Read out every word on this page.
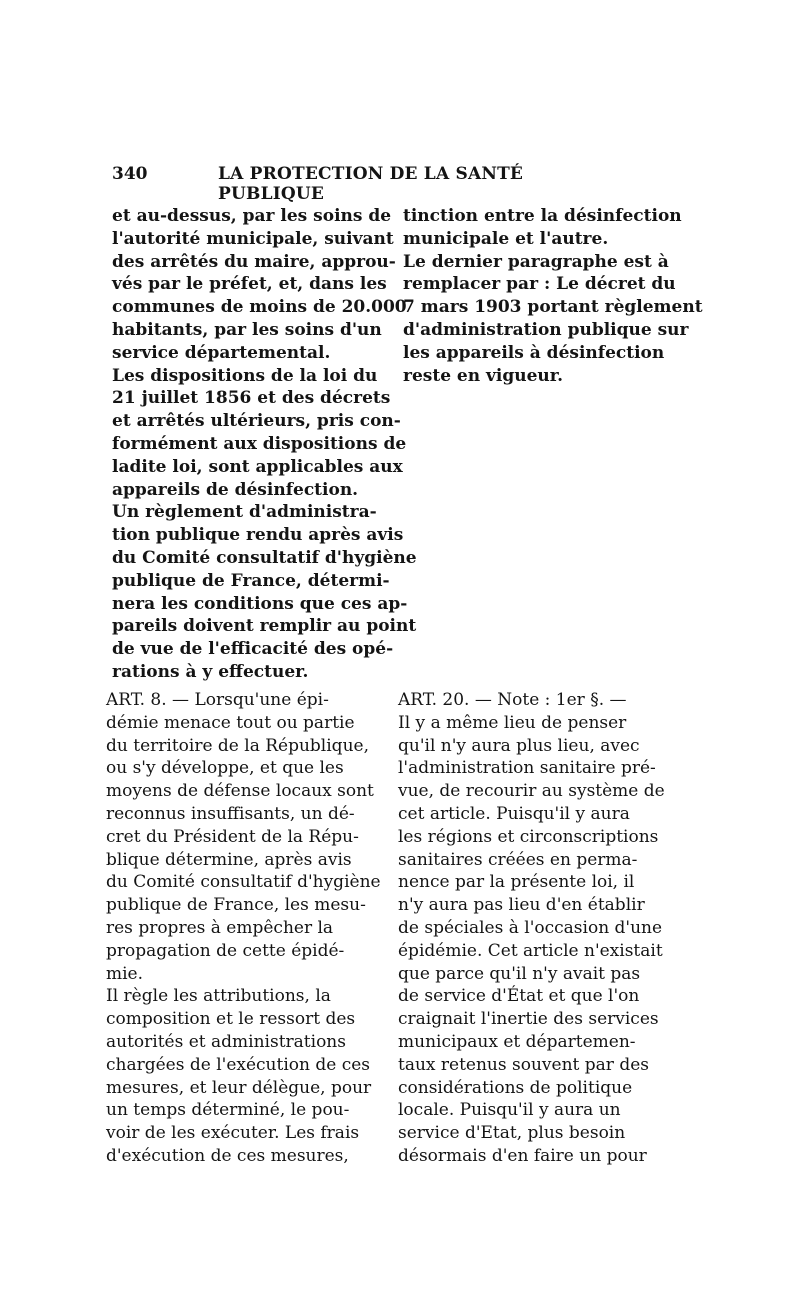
340	LA PROTECTION DE LA SANTÉ PUBLIQUE

et au-dessus, par les soins de
l'autorité municipale, suivant
des arrêtés du maire, approu-
vés par le préfet, et, dans les
communes de moins de 20.000
habitants, par les soins d'un
service départemental.

Les dispositions de la loi du
21 juillet 1856 et des décrets
et arrêtés ultérieurs, pris con-
formément aux dispositions de
ladite loi, sont applicables aux
appareils de désinfection.

Un règlement d'administra-
tion publique rendu après avis
du Comité consultatif d'hygiène
publique de France, détermi-
nera les conditions que ces ap-
pareils doivent remplir au point
de vue de l'efficacité des opé-
rations à y effectuer.

tinction entre la désinfection
municipale et l'autre.

Le dernier paragraphe est à
remplacer par : Le décret du
7 mars 1903 portant règlement
d'administration publique sur
les appareils à désinfection
reste en vigueur.

ART. 8. — Lorsqu'une épi-
démie menace tout ou partie
du territoire de la République,
ou s'y développe, et que les
moyens de défense locaux sont
reconnus insuffisants, un dé-
cret du Président de la Répu-
blique détermine, après avis
du Comité consultatif d'hygiène
publique de France, les mesu-
res propres à empêcher la
propagation de cette épidé-
mie.

Il règle les attributions, la
composition et le ressort des
autorités et administrations
chargées de l'exécution de ces
mesures, et leur délègue, pour
un temps déterminé, le pou-
voir de les exécuter. Les frais
d'exécution de ces mesures,

ART. 20. — Note : 1er §. —
Il y a même lieu de penser
qu'il n'y aura plus lieu, avec
l'administration sanitaire pré-
vue, de recourir au système de
cet article. Puisqu'il y aura
les régions et circonscriptions
sanitaires créées en perma-
nence par la présente loi, il
n'y aura pas lieu d'en établir
de spéciales à l'occasion d'une
épidémie. Cet article n'existait
que parce qu'il n'y avait pas
de service d'État et que l'on
craignait l'inertie des services
municipaux et départemen-
taux retenus souvent par des
considérations de politique
locale. Puisqu'il y aura un
service d'Etat, plus besoin
désormais d'en faire un pour
